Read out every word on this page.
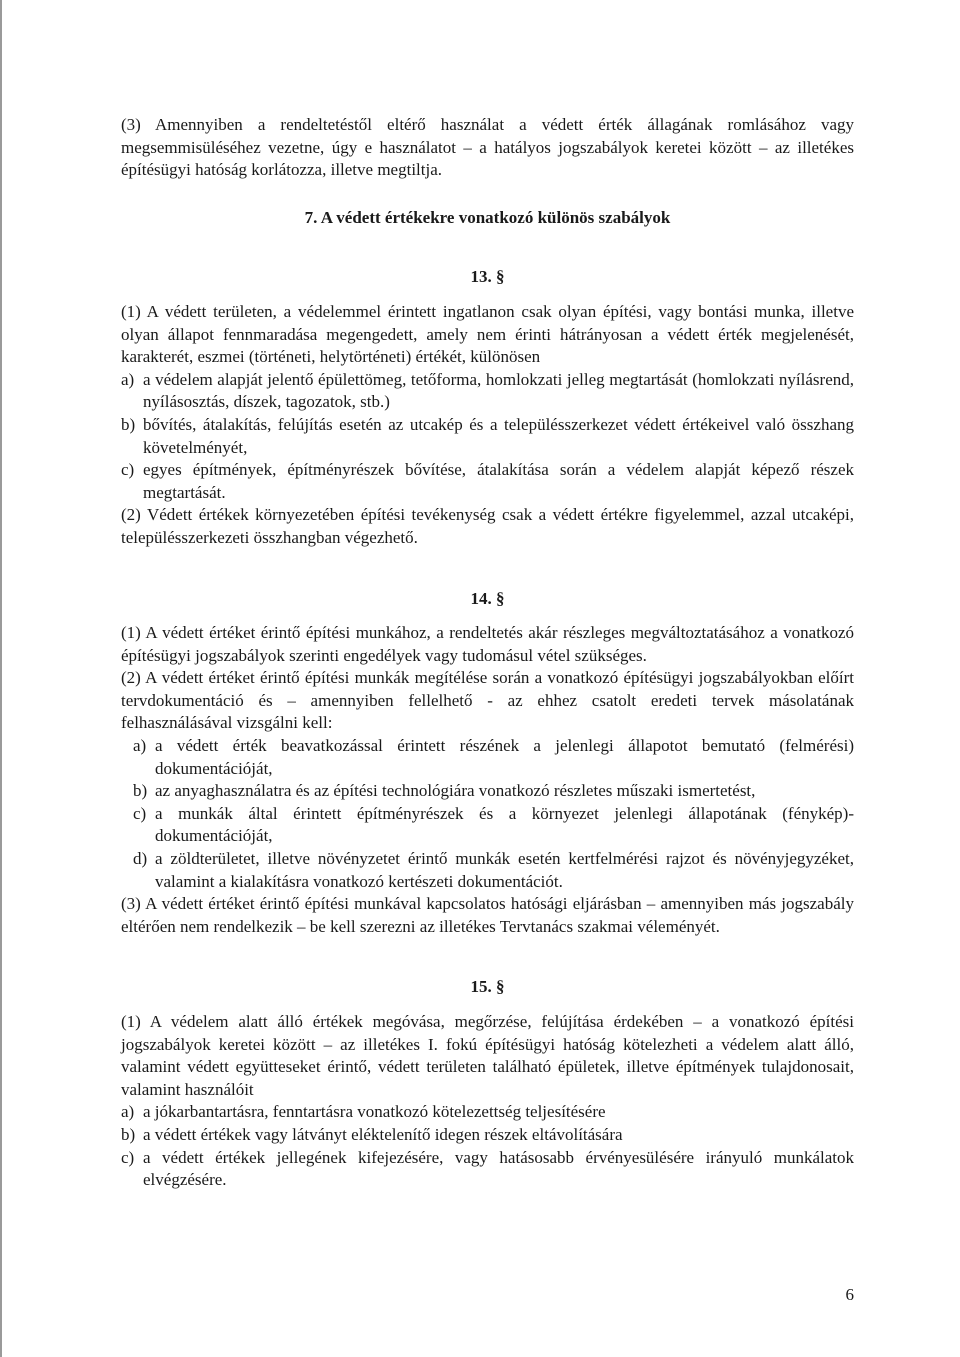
(3) Amennyiben a rendeltetéstől eltérő használat a védett érték állagának romlásához vagy megsemmisüléséhez vezetne, úgy e használatot – a hatályos jogszabályok keretei között – az illetékes építésügyi hatóság korlátozza, illetve megtiltja.

7. A védett értékekre vonatkozó különös szabályok
13. §

(1) A védett területen, a védelemmel érintett ingatlanon csak olyan építési, vagy bontási munka, illetve olyan állapot fennmaradása megengedett, amely nem érinti hátrányosan a védett érték megjelenését, karakterét, eszmei (történeti, helytörténeti) értékét, különösen

a) a védelem alapját jelentő épülettömeg, tetőforma, homlokzati jelleg megtartását (homlokzati nyílásrend, nyílásosztás, díszek, tagozatok, stb.)
b) bővítés, átalakítás, felújítás esetén az utcakép és a településszerkezet védett értékeivel való összhang követelményét,
c) egyes építmények, építményrészek bővítése, átalakítása során a védelem alapját képező részek megtartását.

(2) Védett értékek környezetében építési tevékenység csak a védett értékre figyelemmel, azzal utcaképi, településszerkezeti összhangban végezhető.

14. §

(1) A védett értéket érintő építési munkához, a rendeltetés akár részleges megváltoztatásához a vonatkozó építésügyi jogszabályok szerinti engedélyek vagy tudomásul vétel szükséges.

(2) A védett értéket érintő építési munkák megítélése során a vonatkozó építésügyi jogszabályokban előírt tervdokumentáció és – amennyiben fellelhető - az ehhez csatolt eredeti tervek másolatának felhasználásával vizsgálni kell:

a) a védett érték beavatkozással érintett részének a jelenlegi állapotot bemutató (felmérési) dokumentációját,
b) az anyaghasználatra és az építési technológiára vonatkozó részletes műszaki ismertetést,
c) a munkák által érintett építményrészek és a környezet jelenlegi állapotának (fénykép)-dokumentációját,
d) a zöldterületet, illetve növényzetet érintő munkák esetén kertfelmérési rajzot és növényjegyzéket, valamint a kialakításra vonatkozó kertészeti dokumentációt.

(3) A védett értéket érintő építési munkával kapcsolatos hatósági eljárásban – amennyiben más jogszabály eltérően nem rendelkezik – be kell szerezni az illetékes Tervtanács szakmai véleményét.

15. §

(1) A védelem alatt álló értékek megóvása, megőrzése, felújítása érdekében – a vonatkozó építési jogszabályok keretei között – az illetékes I. fokú építésügyi hatóság kötelezheti a védelem alatt álló, valamint védett együtteseket érintő, védett területen található épületek, illetve építmények tulajdonosait, valamint használóit

a) a jókarbantartásra, fenntartásra vonatkozó kötelezettség teljesítésére
b) a védett értékek vagy látványt eléktelenítő idegen részek eltávolítására
c) a védett értékek jellegének kifejezésére, vagy hatásosabb érvényesülésére irányuló munkálatok elvégzésére.
6
